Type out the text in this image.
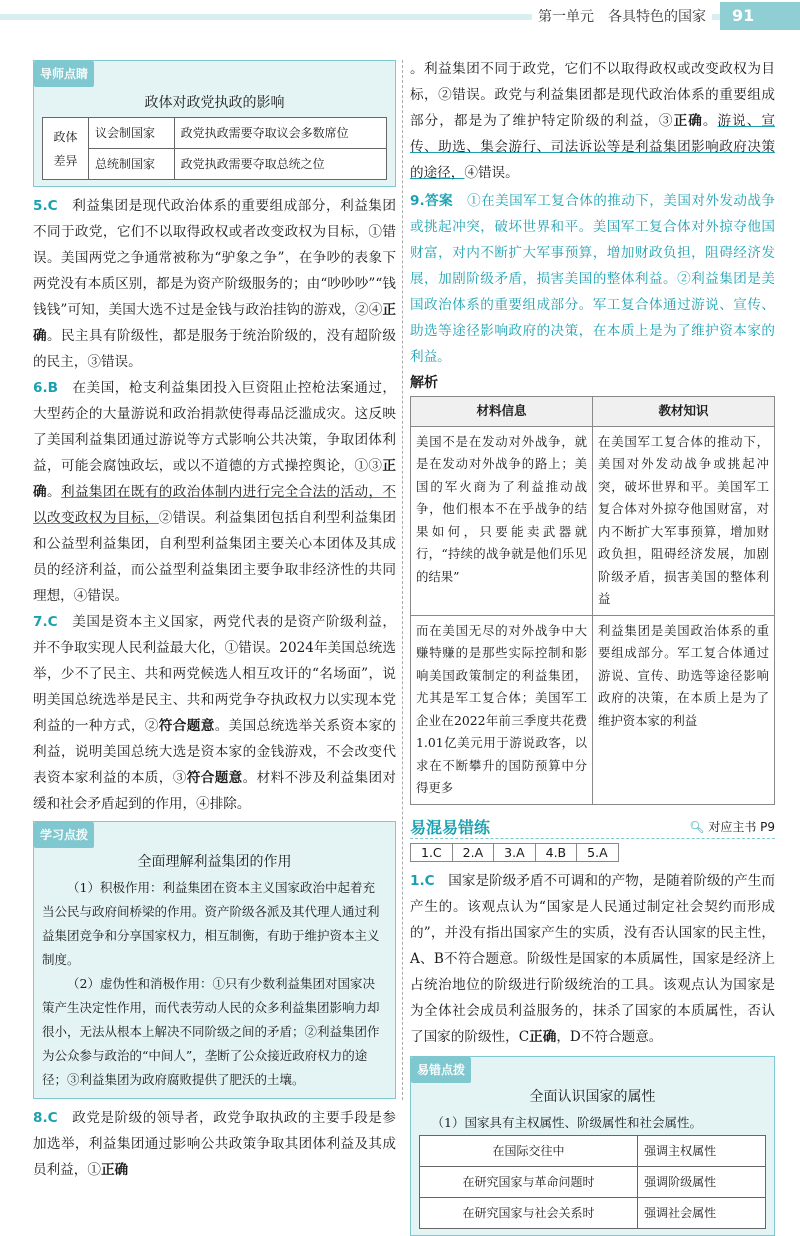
第一单元　各具特色的国家	91
导师点睛
政体对政党执政的影响
政体差异	议会制国家	政党执政需要夺取议会多数席位
	总统制国家	政党执政需要夺取总统之位

5.C　利益集团是现代政治体系的重要组成部分，利益集团不同于政党，它们不以取得政权或者改变政权为目标，①错误。美国两党之争通常被称为“驴象之争”，在争吵的表象下两党没有本质区别，都是为资产阶级服务的；由“吵吵吵”“钱钱钱”可知，美国大选不过是金钱与政治挂钩的游戏，②④正确。民主具有阶级性，都是服务于统治阶级的，没有超阶级的民主，③错误。

6.B　在美国，枪支利益集团投入巨资阻止控枪法案通过，大型药企的大量游说和政治捐款使得毒品泛滥成灾。这反映了美国利益集团通过游说等方式影响公共决策，争取团体利益，可能会腐蚀政坛，或以不道德的方式操控舆论，①③正确。利益集团在既有的政治体制内进行完全合法的活动，不以改变政权为目标，②错误。利益集团包括自利型利益集团和公益型利益集团，自利型利益集团主要关心本团体及其成员的经济利益，而公益型利益集团主要争取非经济性的共同理想，④错误。

7.C　美国是资本主义国家，两党代表的是资产阶级利益，并不争取实现人民利益最大化，①错误。2024年美国总统选举，少不了民主、共和两党候选人相互攻讦的“名场面”，说明美国总统选举是民主、共和两党争夺执政权力以实现本党利益的一种方式，②符合题意。美国总统选举关系资本家的利益，说明美国总统大选是资本家的金钱游戏，不会改变代表资本家利益的本质，③符合题意。材料不涉及利益集团对缓和社会矛盾起到的作用，④排除。

学习点拨
全面理解利益集团的作用

（1）积极作用：利益集团在资本主义国家政治中起着充当公民与政府间桥梁的作用。资产阶级各派及其代理人通过利益集团竞争和分享国家权力，相互制衡，有助于维护资本主义制度。

（2）虚伪性和消极作用：①只有少数利益集团对国家决策产生决定性作用，而代表劳动人民的众多利益集团影响力却很小，无法从根本上解决不同阶级之间的矛盾；②利益集团作为公众参与政治的“中间人”，垄断了公众接近政府权力的途径；③利益集团为政府腐败提供了肥沃的土壤。

8.C　政党是阶级的领导者，政党争取执政的主要手段是参加选举，利益集团通过影响公共政策争取其团体利益及其成员利益，①正确

。利益集团不同于政党，它们不以取得政权或改变政权为目标，②错误。政党与利益集团都是现代政治体系的重要组成部分，都是为了维护特定阶级的利益，③正确。游说、宣传、助选、集会游行、司法诉讼等是利益集团影响政府决策的途径，④错误。

9.答案　①在美国军工复合体的推动下，美国对外发动战争或挑起冲突，破坏世界和平。美国军工复合体对外掠夺他国财富，对内不断扩大军事预算，增加财政负担，阻碍经济发展，加剧阶级矛盾，损害美国的整体利益。②利益集团是美国政治体系的重要组成部分。军工复合体通过游说、宣传、助选等途径影响政府的决策，在本质上是为了维护资本家的利益。

解析
材料信息	教材知识
美国不是在发动对外战争，就是在发动对外战争的路上；美国的军火商为了利益推动战争，他们根本不在乎战争的结果如何，只要能卖武器就行，“持续的战争就是他们乐见的结果”	在美国军工复合体的推动下，美国对外发动战争或挑起冲突，破坏世界和平。美国军工复合体对外掠夺他国财富，对内不断扩大军事预算，增加财政负担，阻碍经济发展，加剧阶级矛盾，损害美国的整体利益
而在美国无尽的对外战争中大赚特赚的是那些实际控制和影响美国政策制定的利益集团，尤其是军工复合体；美国军工企业在2022年前三季度共花费1.01亿美元用于游说政客，以求在不断攀升的国防预算中分得更多	利益集团是美国政治体系的重要组成部分。军工复合体通过游说、宣传、助选等途径影响政府的决策，在本质上是为了维护资本家的利益
易混易错练	🔍︎ 对应主书 P9
1.C	2.A	3.A	4.B	5.A

1.C　国家是阶级矛盾不可调和的产物，是随着阶级的产生而产生的。该观点认为“国家是人民通过制定社会契约而形成的”，并没有指出国家产生的实质，没有否认国家的民主性，A、B不符合题意。阶级性是国家的本质属性，国家是经济上占统治地位的阶级进行阶级统治的工具。该观点认为国家是为全体社会成员利益服务的，抹杀了国家的本质属性，否认了国家的阶级性，C正确，D不符合题意。

易错点拨
全面认识国家的属性

（1）国家具有主权属性、阶级属性和社会属性。

在国际交往中	强调主权属性
在研究国家与革命问题时	强调阶级属性
在研究国家与社会关系时	强调社会属性
